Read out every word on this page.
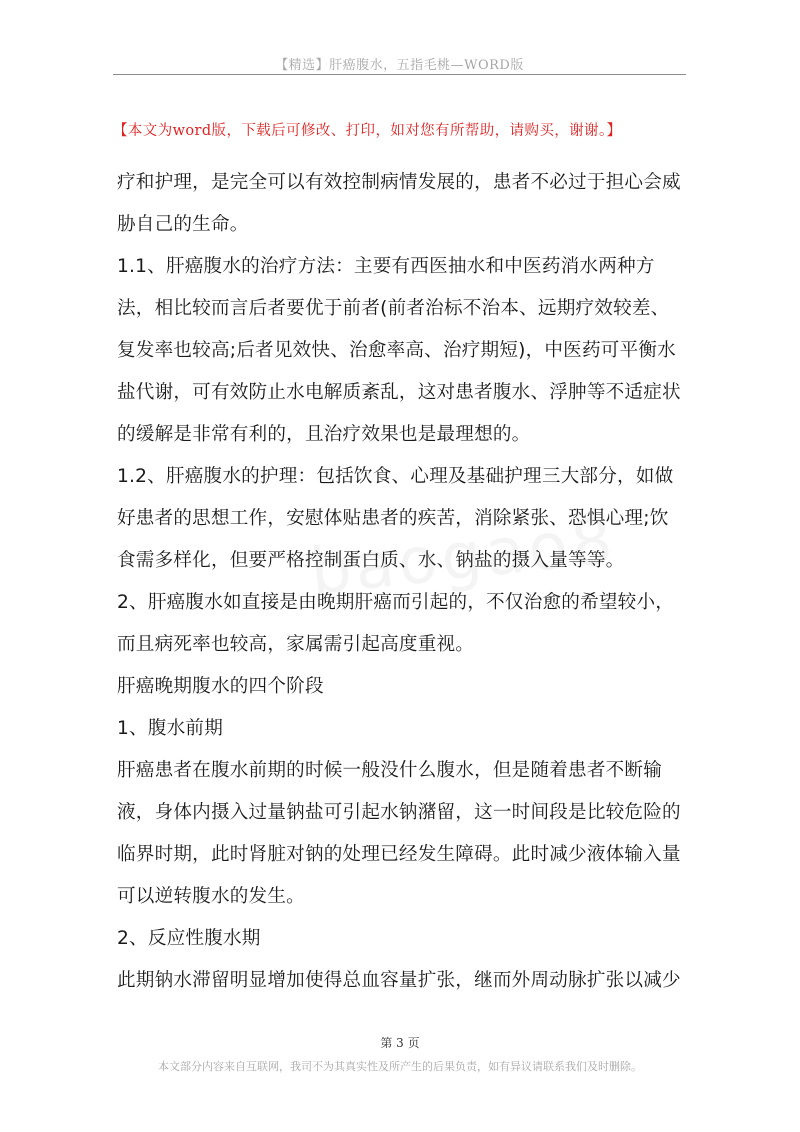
【精选】肝癌腹水，五指毛桃—WORD版
【本文为word版，下载后可修改、打印，如对您有所帮助，请购买，谢谢。】

疗和护理，是完全可以有效控制病情发展的，患者不必过于担心会威胁自己的生命。

1.1、肝癌腹水的治疗方法：主要有西医抽水和中医药消水两种方法，相比较而言后者要优于前者(前者治标不治本、远期疗效较差、复发率也较高;后者见效快、治愈率高、治疗期短)，中医药可平衡水盐代谢，可有效防止水电解质紊乱，这对患者腹水、浮肿等不适症状的缓解是非常有利的，且治疗效果也是最理想的。

1.2、肝癌腹水的护理：包括饮食、心理及基础护理三大部分，如做好患者的思想工作，安慰体贴患者的疾苦，消除紧张、恐惧心理;饮食需多样化，但要严格控制蛋白质、水、钠盐的摄入量等等。

2、肝癌腹水如直接是由晚期肝癌而引起的，不仅治愈的希望较小，而且病死率也较高，家属需引起高度重视。

肝癌晚期腹水的四个阶段

1、腹水前期

肝癌患者在腹水前期的时候一般没什么腹水，但是随着患者不断输液，身体内摄入过量钠盐可引起水钠潴留，这一时间段是比较危险的临界时期，此时肾脏对钠的处理已经发生障碍。此时减少液体输入量可以逆转腹水的发生。

2、反应性腹水期

此期钠水滞留明显增加使得总血容量扩张，继而外周动脉扩张以减少

第 3 页
本文部分内容来自互联网，我司不为其真实性及所产生的后果负责，如有异议请联系我们及时删除。
